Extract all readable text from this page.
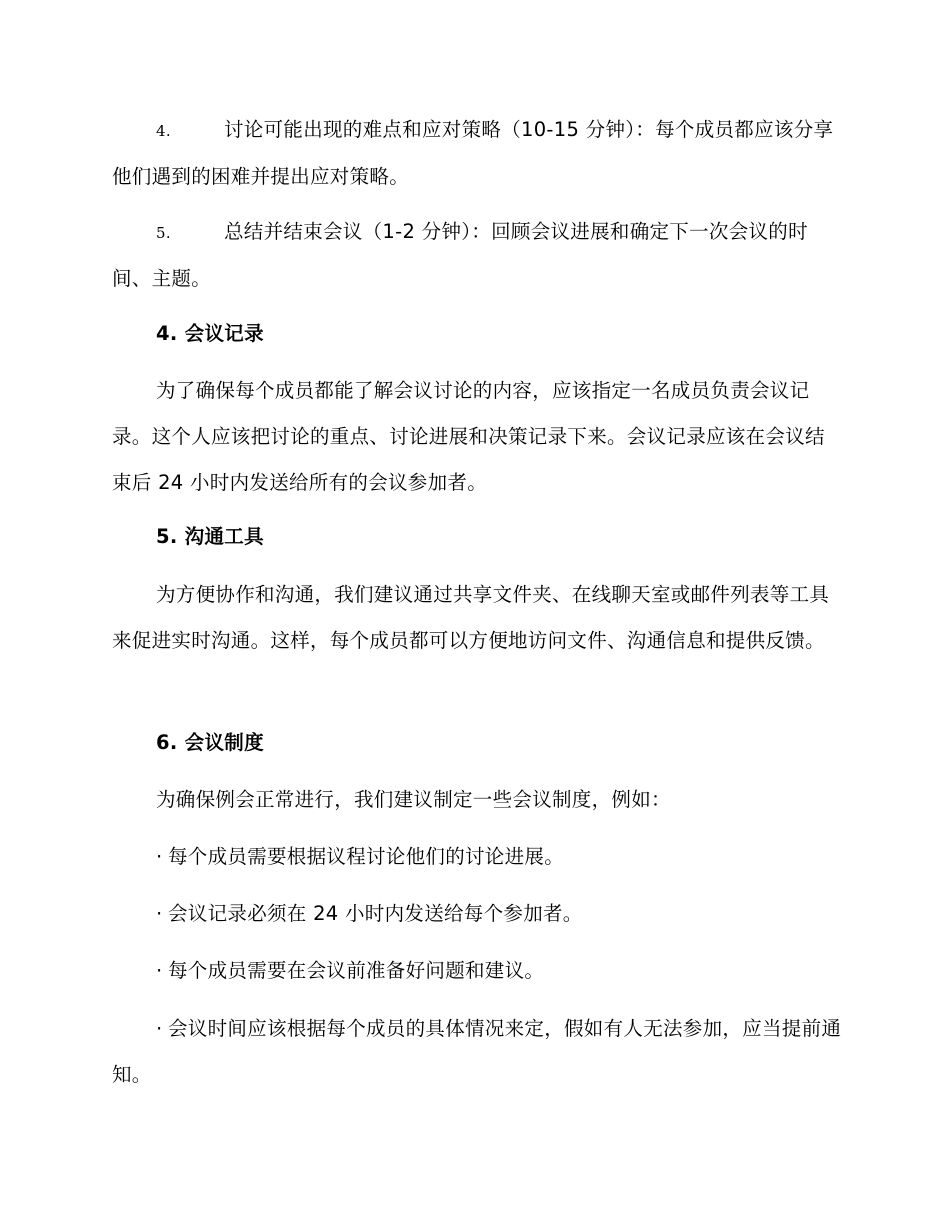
4.	讨论可能出现的难点和应对策略（10-15 分钟）：每个成员都应该分享他们遇到的困难并提出应对策略。

5.	总结并结束会议（1-2 分钟）：回顾会议进展和确定下一次会议的时间、主题。

4. 会议记录

为了确保每个成员都能了解会议讨论的内容，应该指定一名成员负责会议记录。这个人应该把讨论的重点、讨论进展和决策记录下来。会议记录应该在会议结束后 24 小时内发送给所有的会议参加者。

5. 沟通工具

为方便协作和沟通，我们建议通过共享文件夹、在线聊天室或邮件列表等工具来促进实时沟通。这样，每个成员都可以方便地访问文件、沟通信息和提供反馈。

6. 会议制度

为确保例会正常进行，我们建议制定一些会议制度，例如：

· 每个成员需要根据议程讨论他们的讨论进展。

· 会议记录必须在 24 小时内发送给每个参加者。

· 每个成员需要在会议前准备好问题和建议。

· 会议时间应该根据每个成员的具体情况来定，假如有人无法参加，应当提前通知。
